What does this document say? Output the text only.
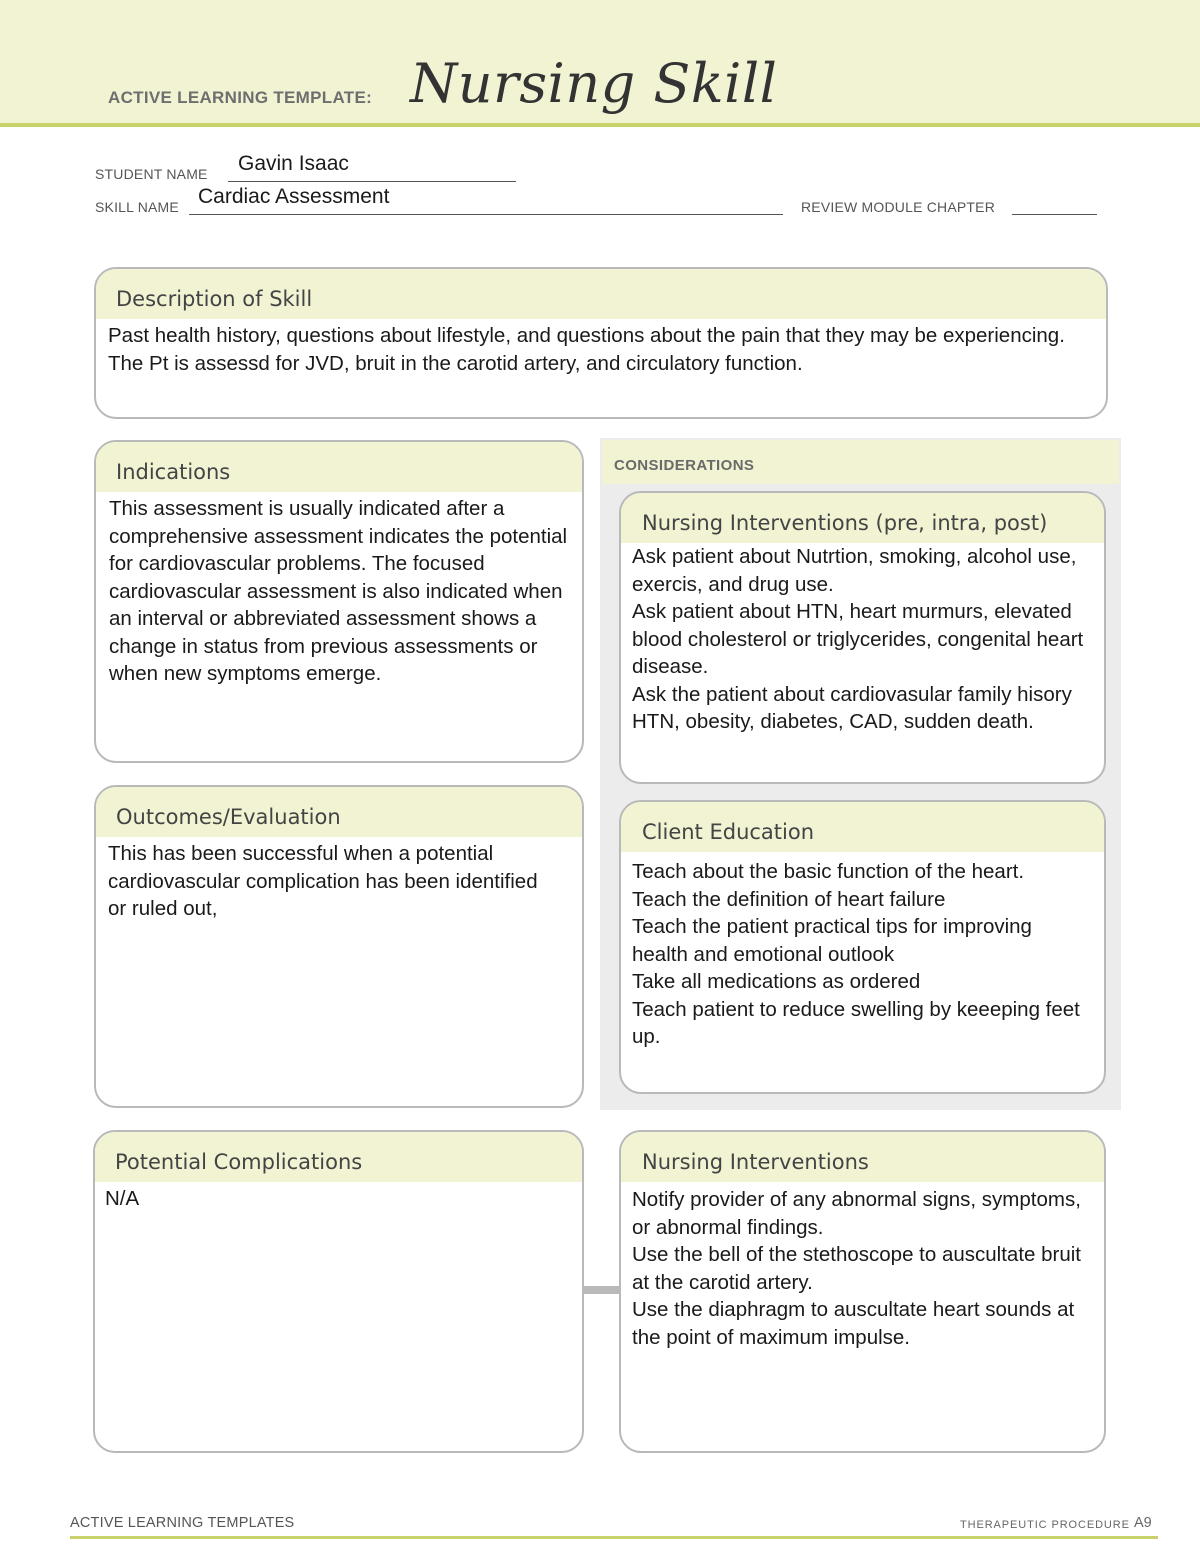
ACTIVE LEARNING TEMPLATE: Nursing Skill
STUDENT NAME Gavin Isaac
SKILL NAME Cardiac Assessment	REVIEW MODULE CHAPTER
Description of Skill
Past health history, questions about lifestyle, and questions about the pain that they may be experiencing. The Pt is assessd for JVD, bruit in the carotid artery, and circulatory function.
Indications
This assessment is usually indicated after a comprehensive assessment indicates the potential for cardiovascular problems. The focused cardiovascular assessment is also indicated when an interval or abbreviated assessment shows a change in status from previous assessments or when new symptoms emerge.
CONSIDERATIONS
Nursing Interventions (pre, intra, post)
Ask patient about Nutrtion, smoking, alcohol use, exercis, and drug use.
Ask patient about HTN, heart murmurs, elevated blood cholesterol or triglycerides, congenital heart disease.
Ask the patient about cardiovasular family hisory HTN, obesity, diabetes, CAD, sudden death.
Client Education
Teach about the basic function of the heart.
Teach the definition of heart failure
Teach the patient practical tips for improving health and emotional outlook
Take all medications as ordered
Teach patient to reduce swelling by keeeping feet up.
Outcomes/Evaluation
This has been successful when a potential cardiovascular complication has been identified or ruled out,
Potential Complications
N/A
Nursing Interventions
Notify provider of any abnormal signs, symptoms, or abnormal findings.
Use the bell of the stethoscope to auscultate bruit at the carotid artery.
Use the diaphragm to auscultate heart sounds at the point of maximum impulse.
ACTIVE LEARNING TEMPLATES	THERAPEUTIC PROCEDURE A9
